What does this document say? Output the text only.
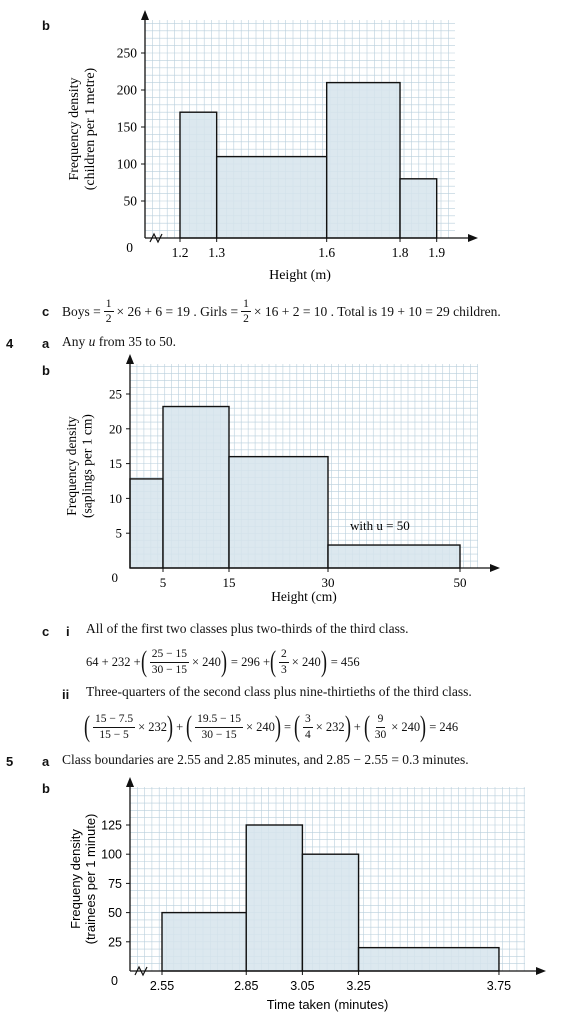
b
50
100
150
200
250
1.2 1.3	1.6	1.8 1.9
0
Height (m)
Frequency density (children per 1 metre)
c Boys = $\frac{1}{2} \times 26 + 6 = 19$ . Girls = $\frac{1}{2} \times 16 + 2 = 10$ . Total is 19 + 10 = 29 children.
4 a Any u from 35 to 50.
b
5
10
15
20
25
5	15	30	50
0
Height (cm)
Frequency density (saplings per 1 cm)
with u = 50
c i All of the first two classes plus two-thirds of the third class.
64 + 232 + ( $\frac{25 - 15}{30 - 15} \times 240$ ) = 296 + ( $\frac{2}{3} \times 240$ ) = 456
ii Three-quarters of the second class plus nine-thirtieths of the third class.
( $\frac{15 - 7.5}{15 - 5} \times 232$ ) + ( $\frac{19.5 - 15}{30 - 15} \times 240$ ) = ( $\frac{3}{4} \times 232$ ) + ( $\frac{9}{30} \times 240$ ) = 246
5 a Class boundaries are 2.55 and 2.85 minutes, and 2.85 − 2.55 = 0.3 minutes.
b
25
50
75
100
125
2.55	2.85	3.05	3.25	3.75
0
Time taken (minutes)
Frequeny density (trainees per 1 minute)
